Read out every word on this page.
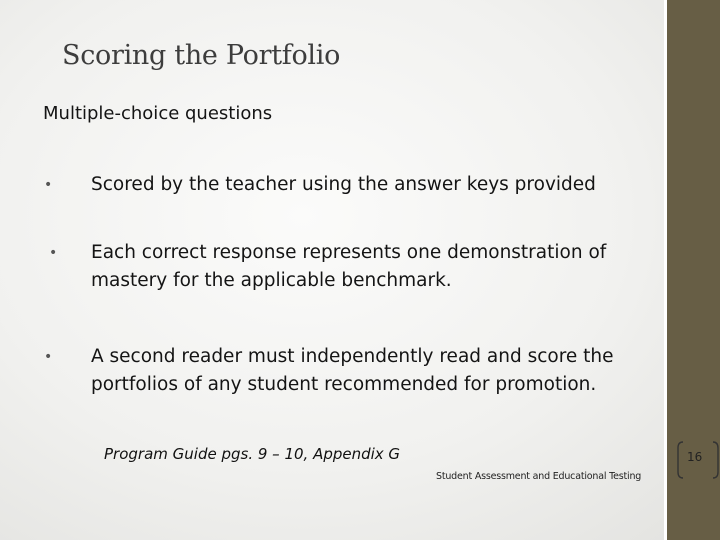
Scoring the Portfolio
Multiple-choice questions
• Scored by the teacher using the answer keys provided
• Each correct response represents one demonstration of mastery for the applicable benchmark.
• A second reader must independently read and score the portfolios of any student recommended for promotion.
Program Guide pgs. 9 – 10, Appendix G
Student Assessment and Educational Testing
16
